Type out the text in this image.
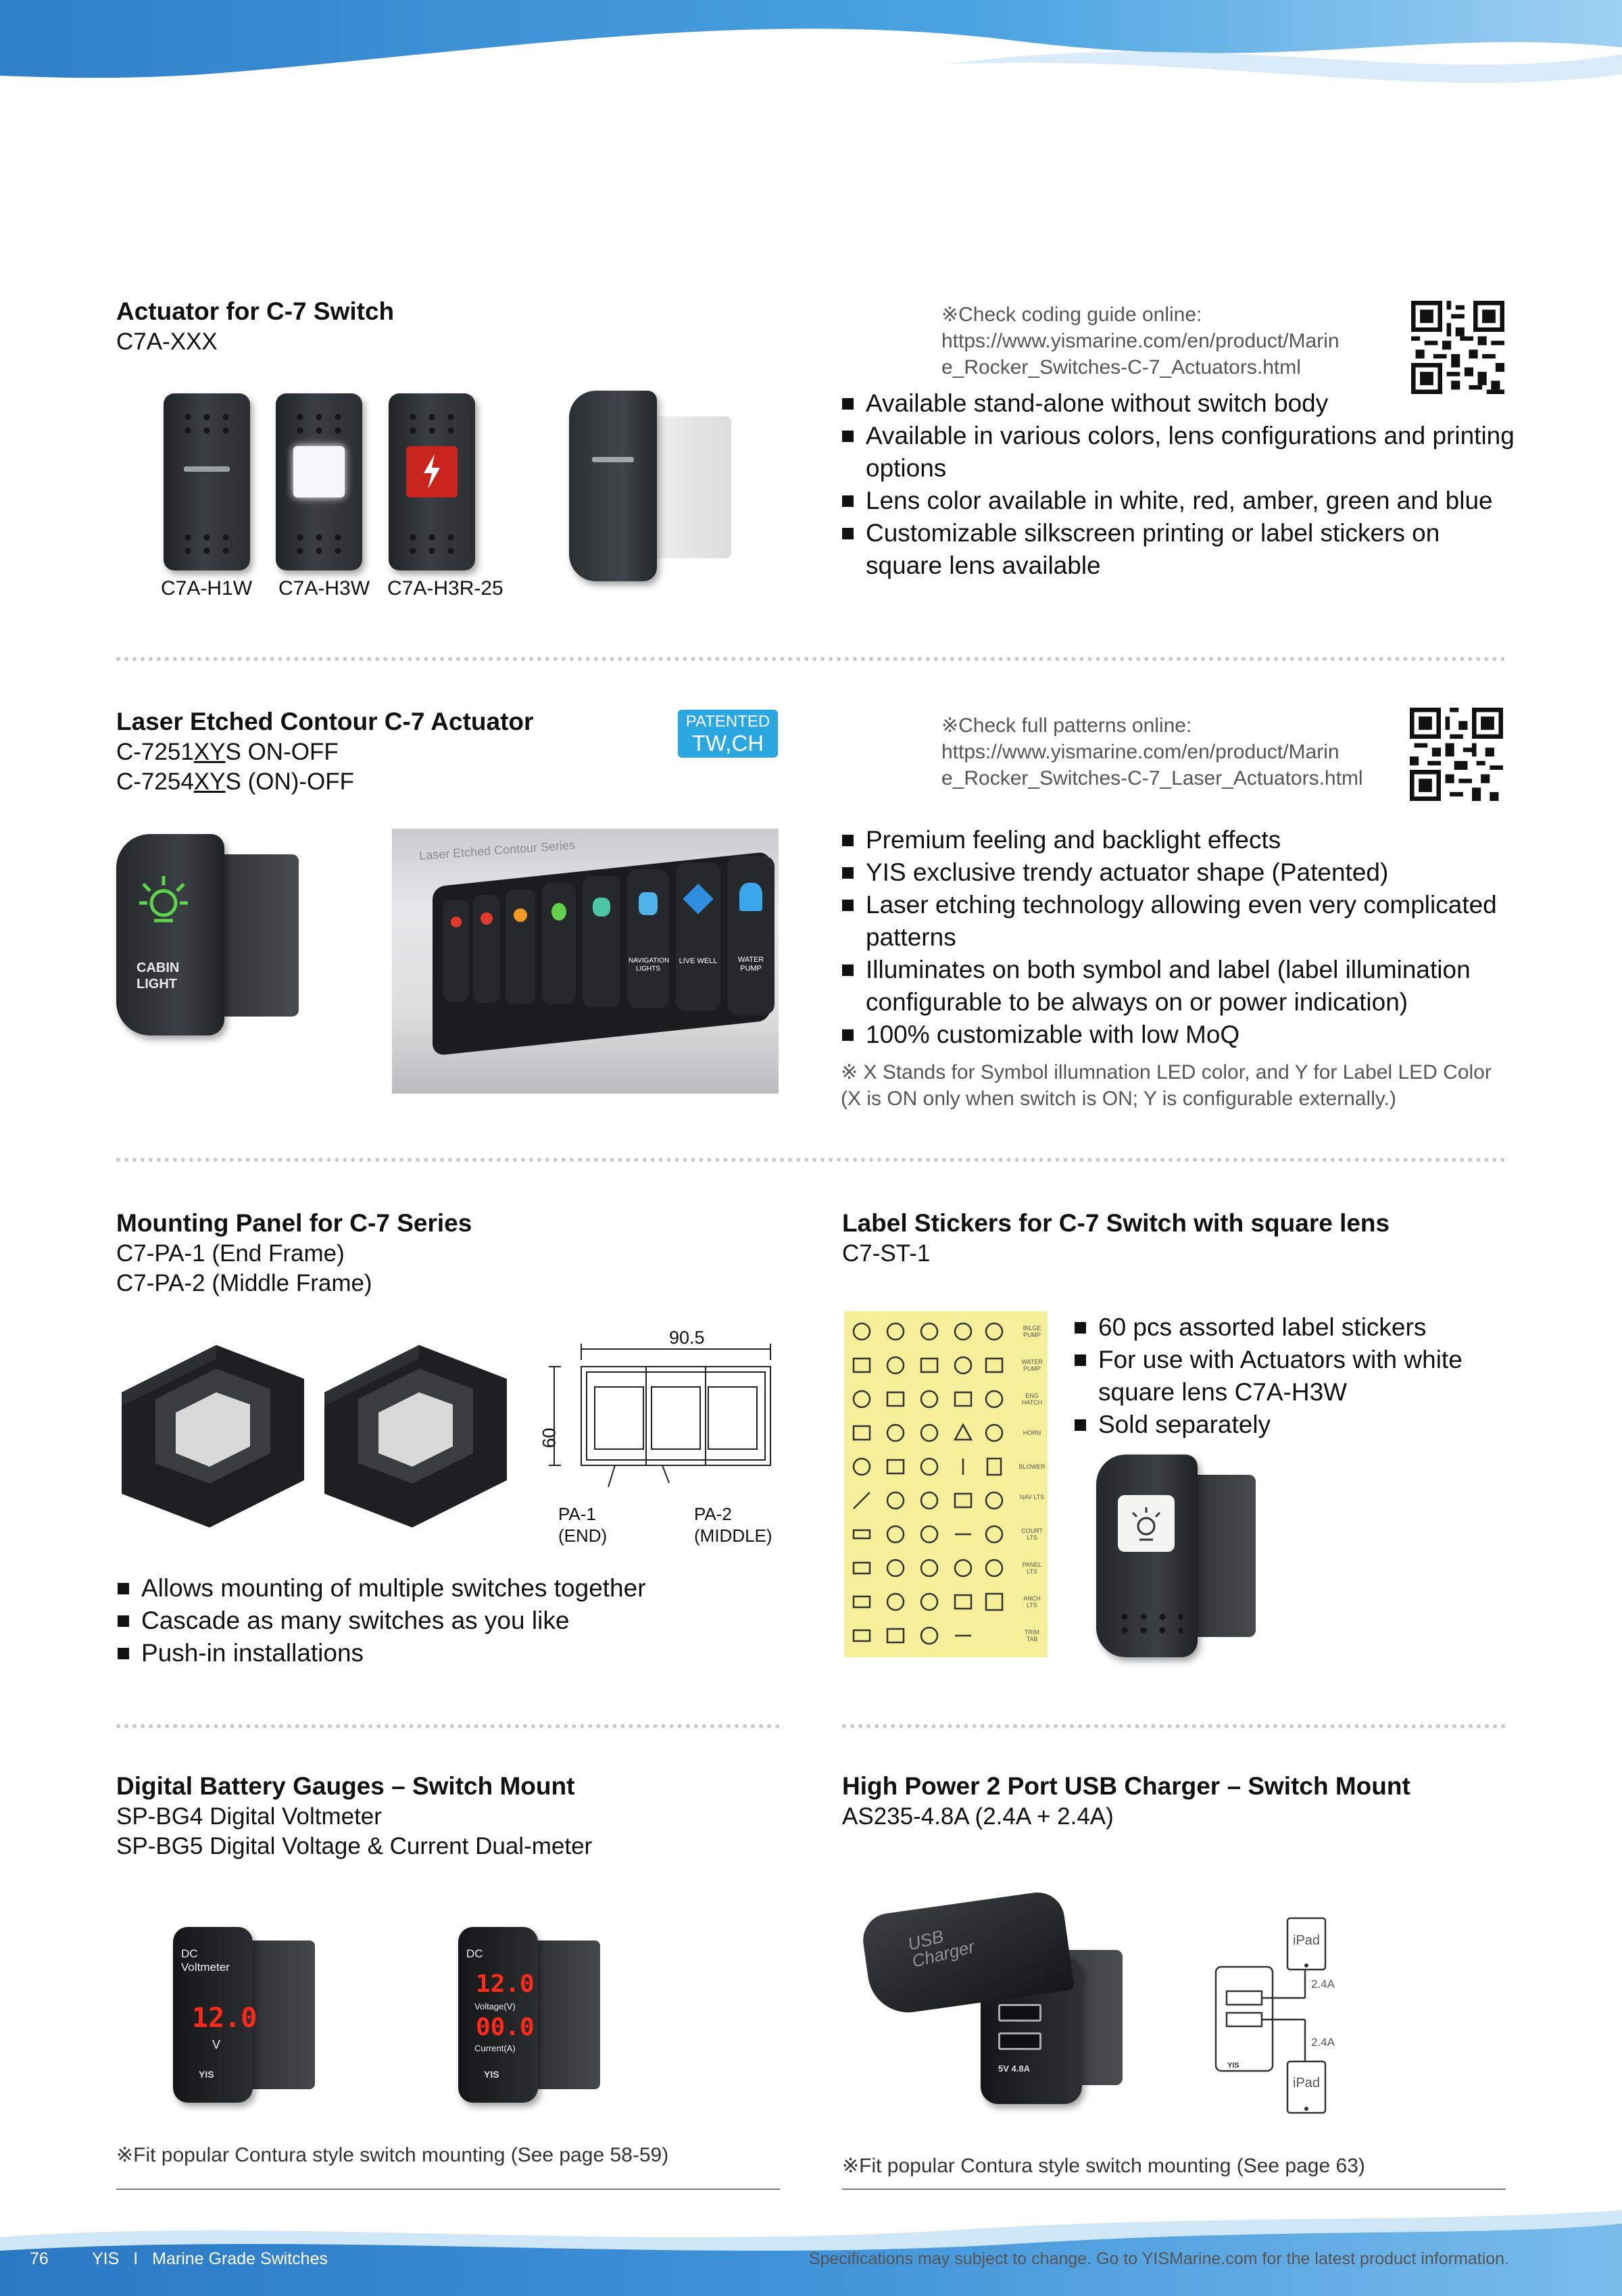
Actuator for C-7 Switch
C7A-XXX
※Check coding guide online:
https://www.yismarine.com/en/product/Marin
e_Rocker_Switches-C-7_Actuators.html
C7A-H1W C7A-H3W C7A-H3R-25
Available stand-alone without switch body
Available in various colors, lens configurations and printing options
Lens color available in white, red, amber, green and blue
Customizable silkscreen printing or label stickers on square lens available
Laser Etched Contour C-7 Actuator
C-7251XYS ON-OFF
C-7254XYS (ON)-OFF
PATENTED
TW,CH
※Check full patterns online:
https://www.yismarine.com/en/product/Marin
e_Rocker_Switches-C-7_Laser_Actuators.html
CABIN LIGHT
Laser Etched Contour Series
NAVIGATION LIGHTS
LIVE WELL	WATER PUMP
Premium feeling and backlight effects
YIS exclusive trendy actuator shape (Patented)
Laser etching technology allowing even very complicated patterns
Illuminates on both symbol and label (label illumination configurable to be always on or power indication)
100% customizable with low MoQ
※ X Stands for Symbol illumnation LED color, and Y for Label LED Color
(X is ON only when switch is ON; Y is configurable externally.)
Mounting Panel for C-7 Series
C7-PA-1 (End Frame)
C7-PA-2 (Middle Frame)
90.5
60
PA-1
(END)
PA-2
(MIDDLE)
Allows mounting of multiple switches together
Cascade as many switches as you like
Push-in installations
Label Stickers for C-7 Switch with square lens
C7-ST-1
BILGE PUMP
WATER PUMP
ENG HATCH
HORN
BLOWER
NAV LTS
COURT LTS
PANEL LTS
ANCH LTS
TRIM TAB
60 pcs assorted label stickers
For use with Actuators with white square lens C7A-H3W
Sold separately
Digital Battery Gauges – Switch Mount
SP-BG4 Digital Voltmeter
SP-BG5 Digital Voltage & Current Dual-meter
DC
Voltmeter
12.0
V
YIS
DC
12.0
Voltage(V)
00.0
Current(A)
YIS
※Fit popular Contura style switch mounting (See page 58-59)
High Power 2 Port USB Charger – Switch Mount
AS235-4.8A (2.4A + 2.4A)
USB Charger
5V 4.8A
iPad
iPad
2.4A
2.4A
YIS
※Fit popular Contura style switch mounting (See page 63)
76	YIS I Marine Grade Switches	Specifications may subject to change. Go to YISMarine.com for the latest product information.
